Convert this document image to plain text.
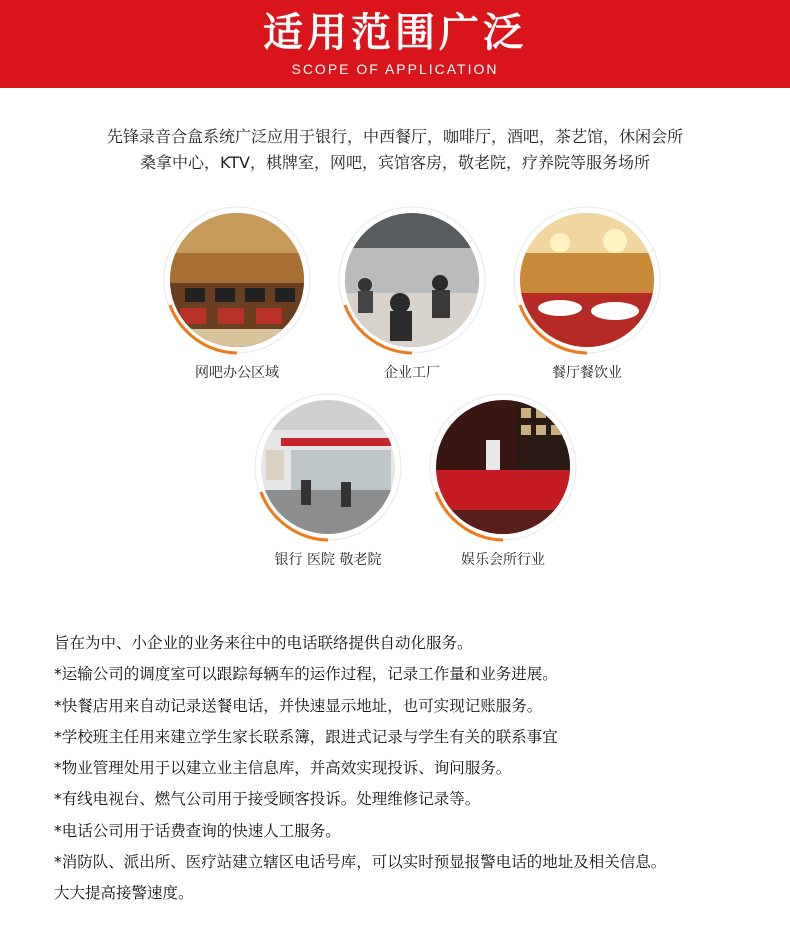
适用范围广泛
SCOPE OF APPLICATION
先锋录音合盒系统广泛应用于银行，中西餐厅，咖啡厅，酒吧，茶艺馆，休闲会所
桑拿中心，KTV，棋牌室，网吧，宾馆客房，敬老院，疗养院等服务场所
网吧办公区域	企业工厂	餐厅餐饮业
银行 医院 敬老院	娱乐会所行业
旨在为中、小企业的业务来往中的电话联络提供自动化服务。
*运输公司的调度室可以跟踪每辆车的运作过程，记录工作量和业务进展。
*快餐店用来自动记录送餐电话，并快速显示地址，也可实现记账服务。
*学校班主任用来建立学生家长联系簿，跟进式记录与学生有关的联系事宜
*物业管理处用于以建立业主信息库，并高效实现投诉、询问服务。
*有线电视台、燃气公司用于接受顾客投诉。处理维修记录等。
*电话公司用于话费查询的快速人工服务。
*消防队、派出所、医疗站建立辖区电话号库，可以实时预显报警电话的地址及相关信息。
大大提高接警速度。
